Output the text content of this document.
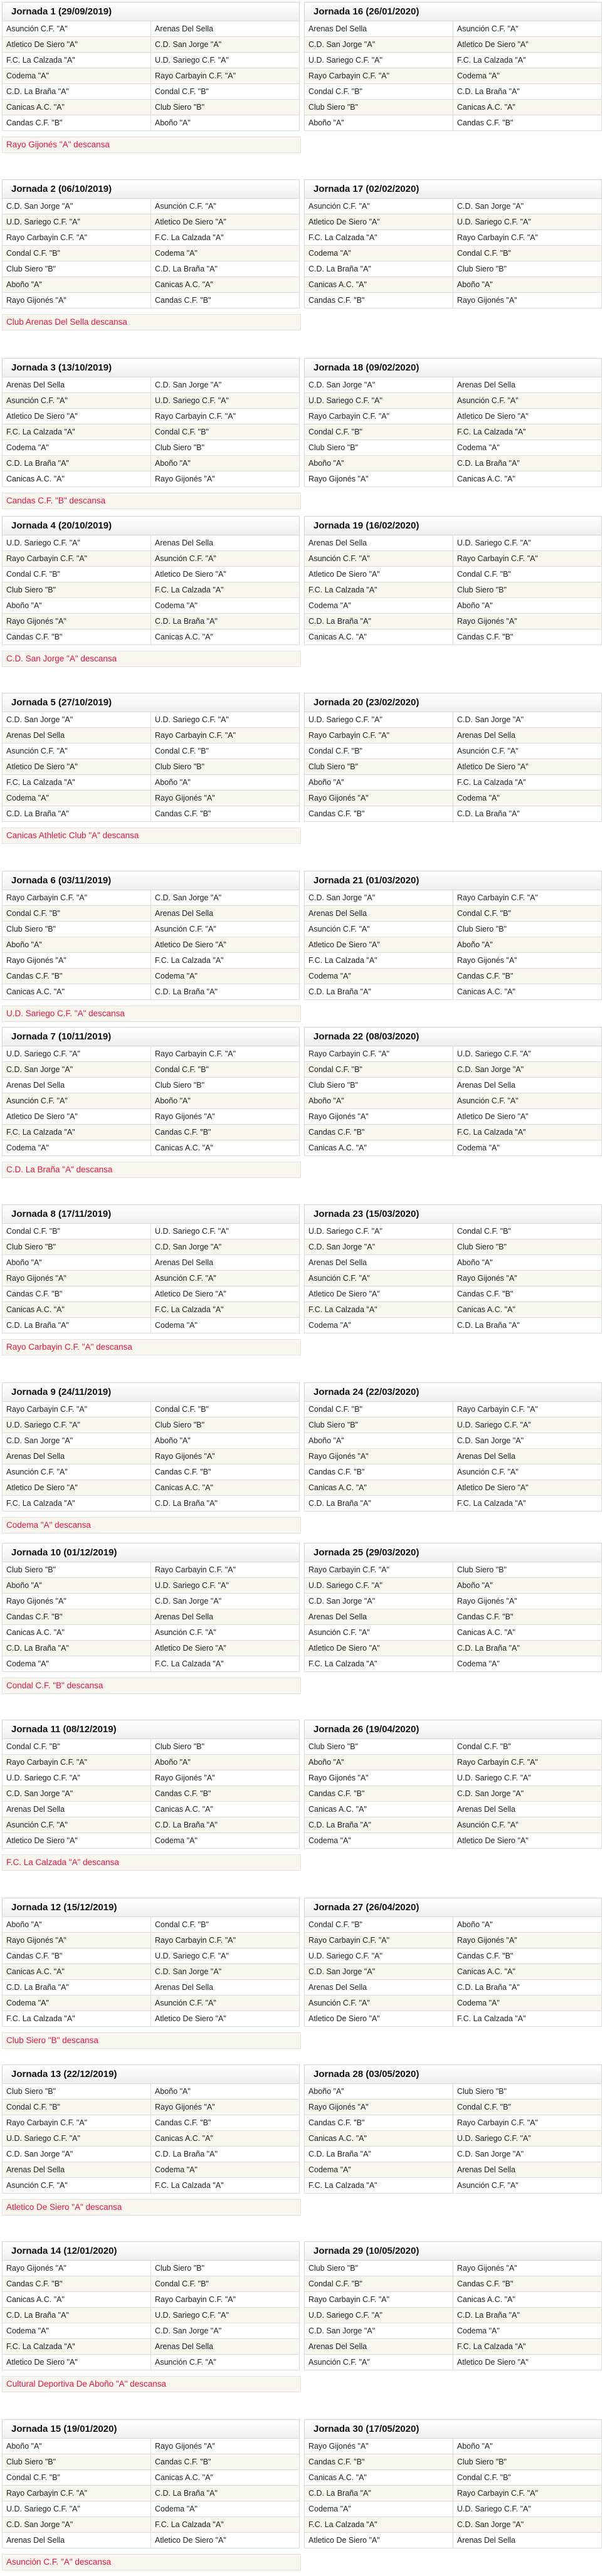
Jornada 1 (29/09/2019)	
Asunción C.F. "A"	Arenas Del Sella
Atletico De Siero "A"	C.D. San Jorge "A"
F.C. La Calzada "A"	U.D. Sariego C.F. "A"
Codema "A"	Rayo Carbayin C.F. "A"
C.D. La Braña "A"	Condal C.F. "B"
Canicas A.C. "A"	Club Siero "B"
Candas C.F. "B"	Aboño "A"
Rayo Gijonés "A" descansa
Jornada 16 (26/01/2020)	
Arenas Del Sella	Asunción C.F. "A"
C.D. San Jorge "A"	Atletico De Siero "A"
U.D. Sariego C.F. "A"	F.C. La Calzada "A"
Rayo Carbayin C.F. "A"	Codema "A"
Condal C.F. "B"	C.D. La Braña "A"
Club Siero "B"	Canicas A.C. "A"
Aboño "A"	Candas C.F. "B"
Jornada 2 (06/10/2019)	
C.D. San Jorge "A"	Asunción C.F. "A"
U.D. Sariego C.F. "A"	Atletico De Siero "A"
Rayo Carbayin C.F. "A"	F.C. La Calzada "A"
Condal C.F. "B"	Codema "A"
Club Siero "B"	C.D. La Braña "A"
Aboño "A"	Canicas A.C. "A"
Rayo Gijonés "A"	Candas C.F. "B"
Club Arenas Del Sella descansa
Jornada 17 (02/02/2020)	
Asunción C.F. "A"	C.D. San Jorge "A"
Atletico De Siero "A"	U.D. Sariego C.F. "A"
F.C. La Calzada "A"	Rayo Carbayin C.F. "A"
Codema "A"	Condal C.F. "B"
C.D. La Braña "A"	Club Siero "B"
Canicas A.C. "A"	Aboño "A"
Candas C.F. "B"	Rayo Gijonés "A"
Jornada 3 (13/10/2019)	
Arenas Del Sella	C.D. San Jorge "A"
Asunción C.F. "A"	U.D. Sariego C.F. "A"
Atletico De Siero "A"	Rayo Carbayin C.F. "A"
F.C. La Calzada "A"	Condal C.F. "B"
Codema "A"	Club Siero "B"
C.D. La Braña "A"	Aboño "A"
Canicas A.C. "A"	Rayo Gijonés "A"
Candas C.F. "B" descansa
Jornada 18 (09/02/2020)	
C.D. San Jorge "A"	Arenas Del Sella
U.D. Sariego C.F. "A"	Asunción C.F. "A"
Rayo Carbayin C.F. "A"	Atletico De Siero "A"
Condal C.F. "B"	F.C. La Calzada "A"
Club Siero "B"	Codema "A"
Aboño "A"	C.D. La Braña "A"
Rayo Gijonés "A"	Canicas A.C. "A"
Jornada 4 (20/10/2019)	
U.D. Sariego C.F. "A"	Arenas Del Sella
Rayo Carbayin C.F. "A"	Asunción C.F. "A"
Condal C.F. "B"	Atletico De Siero "A"
Club Siero "B"	F.C. La Calzada "A"
Aboño "A"	Codema "A"
Rayo Gijonés "A"	C.D. La Braña "A"
Candas C.F. "B"	Canicas A.C. "A"
C.D. San Jorge "A" descansa
Jornada 19 (16/02/2020)	
Arenas Del Sella	U.D. Sariego C.F. "A"
Asunción C.F. "A"	Rayo Carbayin C.F. "A"
Atletico De Siero "A"	Condal C.F. "B"
F.C. La Calzada "A"	Club Siero "B"
Codema "A"	Aboño "A"
C.D. La Braña "A"	Rayo Gijonés "A"
Canicas A.C. "A"	Candas C.F. "B"
Jornada 5 (27/10/2019)	
C.D. San Jorge "A"	U.D. Sariego C.F. "A"
Arenas Del Sella	Rayo Carbayin C.F. "A"
Asunción C.F. "A"	Condal C.F. "B"
Atletico De Siero "A"	Club Siero "B"
F.C. La Calzada "A"	Aboño "A"
Codema "A"	Rayo Gijonés "A"
C.D. La Braña "A"	Candas C.F. "B"
Canicas Athletic Club "A" descansa
Jornada 20 (23/02/2020)	
U.D. Sariego C.F. "A"	C.D. San Jorge "A"
Rayo Carbayin C.F. "A"	Arenas Del Sella
Condal C.F. "B"	Asunción C.F. "A"
Club Siero "B"	Atletico De Siero "A"
Aboño "A"	F.C. La Calzada "A"
Rayo Gijonés "A"	Codema "A"
Candas C.F. "B"	C.D. La Braña "A"
Jornada 6 (03/11/2019)	
Rayo Carbayin C.F. "A"	C.D. San Jorge "A"
Condal C.F. "B"	Arenas Del Sella
Club Siero "B"	Asunción C.F. "A"
Aboño "A"	Atletico De Siero "A"
Rayo Gijonés "A"	F.C. La Calzada "A"
Candas C.F. "B"	Codema "A"
Canicas A.C. "A"	C.D. La Braña "A"
U.D. Sariego C.F. "A" descansa
Jornada 21 (01/03/2020)	
C.D. San Jorge "A"	Rayo Carbayin C.F. "A"
Arenas Del Sella	Condal C.F. "B"
Asunción C.F. "A"	Club Siero "B"
Atletico De Siero "A"	Aboño "A"
F.C. La Calzada "A"	Rayo Gijonés "A"
Codema "A"	Candas C.F. "B"
C.D. La Braña "A"	Canicas A.C. "A"
Jornada 7 (10/11/2019)	
U.D. Sariego C.F. "A"	Rayo Carbayin C.F. "A"
C.D. San Jorge "A"	Condal C.F. "B"
Arenas Del Sella	Club Siero "B"
Asunción C.F. "A"	Aboño "A"
Atletico De Siero "A"	Rayo Gijonés "A"
F.C. La Calzada "A"	Candas C.F. "B"
Codema "A"	Canicas A.C. "A"
C.D. La Braña "A" descansa
Jornada 22 (08/03/2020)	
Rayo Carbayin C.F. "A"	U.D. Sariego C.F. "A"
Condal C.F. "B"	C.D. San Jorge "A"
Club Siero "B"	Arenas Del Sella
Aboño "A"	Asunción C.F. "A"
Rayo Gijonés "A"	Atletico De Siero "A"
Candas C.F. "B"	F.C. La Calzada "A"
Canicas A.C. "A"	Codema "A"
Jornada 8 (17/11/2019)	
Condal C.F. "B"	U.D. Sariego C.F. "A"
Club Siero "B"	C.D. San Jorge "A"
Aboño "A"	Arenas Del Sella
Rayo Gijonés "A"	Asunción C.F. "A"
Candas C.F. "B"	Atletico De Siero "A"
Canicas A.C. "A"	F.C. La Calzada "A"
C.D. La Braña "A"	Codema "A"
Rayo Carbayin C.F. "A" descansa
Jornada 23 (15/03/2020)	
U.D. Sariego C.F. "A"	Condal C.F. "B"
C.D. San Jorge "A"	Club Siero "B"
Arenas Del Sella	Aboño "A"
Asunción C.F. "A"	Rayo Gijonés "A"
Atletico De Siero "A"	Candas C.F. "B"
F.C. La Calzada "A"	Canicas A.C. "A"
Codema "A"	C.D. La Braña "A"
Jornada 9 (24/11/2019)	
Rayo Carbayin C.F. "A"	Condal C.F. "B"
U.D. Sariego C.F. "A"	Club Siero "B"
C.D. San Jorge "A"	Aboño "A"
Arenas Del Sella	Rayo Gijonés "A"
Asunción C.F. "A"	Candas C.F. "B"
Atletico De Siero "A"	Canicas A.C. "A"
F.C. La Calzada "A"	C.D. La Braña "A"
Codema "A" descansa
Jornada 24 (22/03/2020)	
Condal C.F. "B"	Rayo Carbayin C.F. "A"
Club Siero "B"	U.D. Sariego C.F. "A"
Aboño "A"	C.D. San Jorge "A"
Rayo Gijonés "A"	Arenas Del Sella
Candas C.F. "B"	Asunción C.F. "A"
Canicas A.C. "A"	Atletico De Siero "A"
C.D. La Braña "A"	F.C. La Calzada "A"
Jornada 10 (01/12/2019)	
Club Siero "B"	Rayo Carbayin C.F. "A"
Aboño "A"	U.D. Sariego C.F. "A"
Rayo Gijonés "A"	C.D. San Jorge "A"
Candas C.F. "B"	Arenas Del Sella
Canicas A.C. "A"	Asunción C.F. "A"
C.D. La Braña "A"	Atletico De Siero "A"
Codema "A"	F.C. La Calzada "A"
Condal C.F. "B" descansa
Jornada 25 (29/03/2020)	
Rayo Carbayin C.F. "A"	Club Siero "B"
U.D. Sariego C.F. "A"	Aboño "A"
C.D. San Jorge "A"	Rayo Gijonés "A"
Arenas Del Sella	Candas C.F. "B"
Asunción C.F. "A"	Canicas A.C. "A"
Atletico De Siero "A"	C.D. La Braña "A"
F.C. La Calzada "A"	Codema "A"
Jornada 11 (08/12/2019)	
Condal C.F. "B"	Club Siero "B"
Rayo Carbayin C.F. "A"	Aboño "A"
U.D. Sariego C.F. "A"	Rayo Gijonés "A"
C.D. San Jorge "A"	Candas C.F. "B"
Arenas Del Sella	Canicas A.C. "A"
Asunción C.F. "A"	C.D. La Braña "A"
Atletico De Siero "A"	Codema "A"
F.C. La Calzada "A" descansa
Jornada 26 (19/04/2020)	
Club Siero "B"	Condal C.F. "B"
Aboño "A"	Rayo Carbayin C.F. "A"
Rayo Gijonés "A"	U.D. Sariego C.F. "A"
Candas C.F. "B"	C.D. San Jorge "A"
Canicas A.C. "A"	Arenas Del Sella
C.D. La Braña "A"	Asunción C.F. "A"
Codema "A"	Atletico De Siero "A"
Jornada 12 (15/12/2019)	
Aboño "A"	Condal C.F. "B"
Rayo Gijonés "A"	Rayo Carbayin C.F. "A"
Candas C.F. "B"	U.D. Sariego C.F. "A"
Canicas A.C. "A"	C.D. San Jorge "A"
C.D. La Braña "A"	Arenas Del Sella
Codema "A"	Asunción C.F. "A"
F.C. La Calzada "A"	Atletico De Siero "A"
Club Siero "B" descansa
Jornada 27 (26/04/2020)	
Condal C.F. "B"	Aboño "A"
Rayo Carbayin C.F. "A"	Rayo Gijonés "A"
U.D. Sariego C.F. "A"	Candas C.F. "B"
C.D. San Jorge "A"	Canicas A.C. "A"
Arenas Del Sella	C.D. La Braña "A"
Asunción C.F. "A"	Codema "A"
Atletico De Siero "A"	F.C. La Calzada "A"
Jornada 13 (22/12/2019)	
Club Siero "B"	Aboño "A"
Condal C.F. "B"	Rayo Gijonés "A"
Rayo Carbayin C.F. "A"	Candas C.F. "B"
U.D. Sariego C.F. "A"	Canicas A.C. "A"
C.D. San Jorge "A"	C.D. La Braña "A"
Arenas Del Sella	Codema "A"
Asunción C.F. "A"	F.C. La Calzada "A"
Atletico De Siero "A" descansa
Jornada 28 (03/05/2020)	
Aboño "A"	Club Siero "B"
Rayo Gijonés "A"	Condal C.F. "B"
Candas C.F. "B"	Rayo Carbayin C.F. "A"
Canicas A.C. "A"	U.D. Sariego C.F. "A"
C.D. La Braña "A"	C.D. San Jorge "A"
Codema "A"	Arenas Del Sella
F.C. La Calzada "A"	Asunción C.F. "A"
Jornada 14 (12/01/2020)	
Rayo Gijonés "A"	Club Siero "B"
Candas C.F. "B"	Condal C.F. "B"
Canicas A.C. "A"	Rayo Carbayin C.F. "A"
C.D. La Braña "A"	U.D. Sariego C.F. "A"
Codema "A"	C.D. San Jorge "A"
F.C. La Calzada "A"	Arenas Del Sella
Atletico De Siero "A"	Asunción C.F. "A"
Cultural Deportiva De Aboño "A" descansa
Jornada 29 (10/05/2020)	
Club Siero "B"	Rayo Gijonés "A"
Condal C.F. "B"	Candas C.F. "B"
Rayo Carbayin C.F. "A"	Canicas A.C. "A"
U.D. Sariego C.F. "A"	C.D. La Braña "A"
C.D. San Jorge "A"	Codema "A"
Arenas Del Sella	F.C. La Calzada "A"
Asunción C.F. "A"	Atletico De Siero "A"
Jornada 15 (19/01/2020)	
Aboño "A"	Rayo Gijonés "A"
Club Siero "B"	Candas C.F. "B"
Condal C.F. "B"	Canicas A.C. "A"
Rayo Carbayin C.F. "A"	C.D. La Braña "A"
U.D. Sariego C.F. "A"	Codema "A"
C.D. San Jorge "A"	F.C. La Calzada "A"
Arenas Del Sella	Atletico De Siero "A"
Asunción C.F. "A" descansa
Jornada 30 (17/05/2020)	
Rayo Gijonés "A"	Aboño "A"
Candas C.F. "B"	Club Siero "B"
Canicas A.C. "A"	Condal C.F. "B"
C.D. La Braña "A"	Rayo Carbayin C.F. "A"
Codema "A"	U.D. Sariego C.F. "A"
F.C. La Calzada "A"	C.D. San Jorge "A"
Atletico De Siero "A"	Arenas Del Sella
